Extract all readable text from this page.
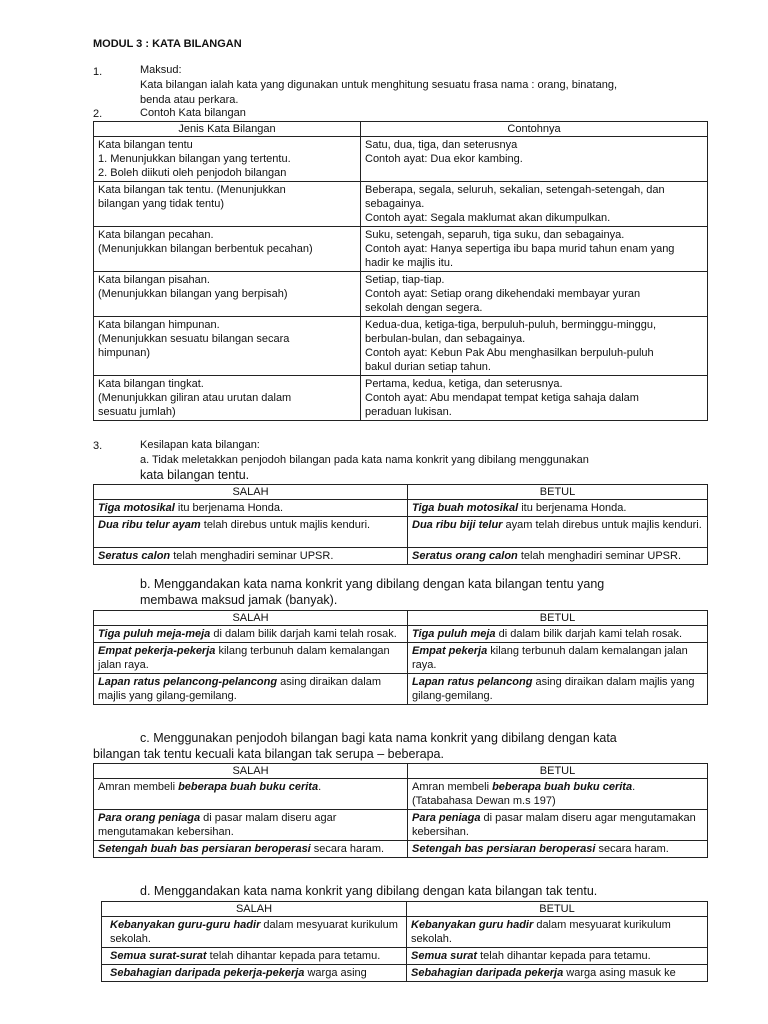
MODUL 3 : KATA BILANGAN
1.	Maksud:
Kata bilangan ialah kata yang digunakan untuk menghitung sesuatu frasa nama : orang, binatang,
benda atau perkara.
2.	Contoh Kata bilangan
Jenis Kata Bilangan	Contohnya

Kata bilangan tentu
1. Menunjukkan bilangan yang tertentu.
2. Boleh diikuti oleh penjodoh bilangan	Satu, dua, tiga, dan seterusnya
Contoh ayat: Dua ekor kambing.

Kata bilangan tak tentu. (Menunjukkan
bilangan yang tidak tentu)	Beberapa, segala, seluruh, sekalian, setengah-setengah, dan
sebagainya.
Contoh ayat: Segala maklumat akan dikumpulkan.

Kata bilangan pecahan.
(Menunjukkan bilangan berbentuk pecahan)	Suku, setengah, separuh, tiga suku, dan sebagainya.
Contoh ayat: Hanya sepertiga ibu bapa murid tahun enam yang
hadir ke majlis itu.

Kata bilangan pisahan.
(Menunjukkan bilangan yang berpisah)	Setiap, tiap-tiap.
Contoh ayat: Setiap orang dikehendaki membayar yuran
sekolah dengan segera.

Kata bilangan himpunan.
(Menunjukkan sesuatu bilangan secara
himpunan)	Kedua-dua, ketiga-tiga, berpuluh-puluh, berminggu-minggu,
berbulan-bulan, dan sebagainya.
Contoh ayat: Kebun Pak Abu menghasilkan berpuluh-puluh
bakul durian setiap tahun.

Kata bilangan tingkat.
(Menunjukkan giliran atau urutan dalam
sesuatu jumlah)	Pertama, kedua, ketiga, dan seterusnya.
Contoh ayat: Abu mendapat tempat ketiga sahaja dalam
peraduan lukisan.
3.	Kesilapan kata bilangan:
a. Tidak meletakkan penjodoh bilangan pada kata nama konkrit yang dibilang menggunakan
kata bilangan tentu.
SALAH	BETUL
Tiga motosikal itu berjenama Honda.	Tiga buah motosikal itu berjenama Honda.
Dua ribu telur ayam telah direbus untuk majlis kenduri.	Dua ribu biji telur ayam telah direbus untuk majlis kenduri.
Seratus calon telah menghadiri seminar UPSR.	Seratus orang calon telah menghadiri seminar UPSR.
b. Menggandakan kata nama konkrit yang dibilang dengan kata bilangan tentu yang
membawa maksud jamak (banyak).
SALAH	BETUL
Tiga puluh meja-meja di dalam bilik darjah kami telah rosak.	Tiga puluh meja di dalam bilik darjah kami telah rosak.
Empat pekerja-pekerja kilang terbunuh dalam kemalangan jalan raya.	Empat pekerja kilang terbunuh dalam kemalangan jalan raya.
Lapan ratus pelancong-pelancong asing diraikan dalam majlis yang gilang-gemilang.	Lapan ratus pelancong asing diraikan dalam majlis yang gilang-gemilang.
c. Menggunakan penjodoh bilangan bagi kata nama konkrit yang dibilang dengan kata
bilangan tak tentu kecuali kata bilangan tak serupa – beberapa.
SALAH	BETUL
Amran membeli beberapa buah buku cerita.	Amran membeli beberapa buah buku cerita.
(Tatabahasa Dewan m.s 197)

Para orang peniaga di pasar malam diseru agar mengutamakan kebersihan.	Para peniaga di pasar malam diseru agar mengutamakan kebersihan.
Setengah buah bas persiaran beroperasi secara haram.	Setengah bas persiaran beroperasi secara haram.
d. Menggandakan kata nama konkrit yang dibilang dengan kata bilangan tak tentu.
SALAH	BETUL
Kebanyakan guru-guru hadir dalam mesyuarat kurikulum sekolah.	Kebanyakan guru hadir dalam mesyuarat kurikulum sekolah.
Semua surat-surat telah dihantar kepada para tetamu.	Semua surat telah dihantar kepada para tetamu.
Sebahagian daripada pekerja-pekerja warga asing	Sebahagian daripada pekerja warga asing masuk ke
